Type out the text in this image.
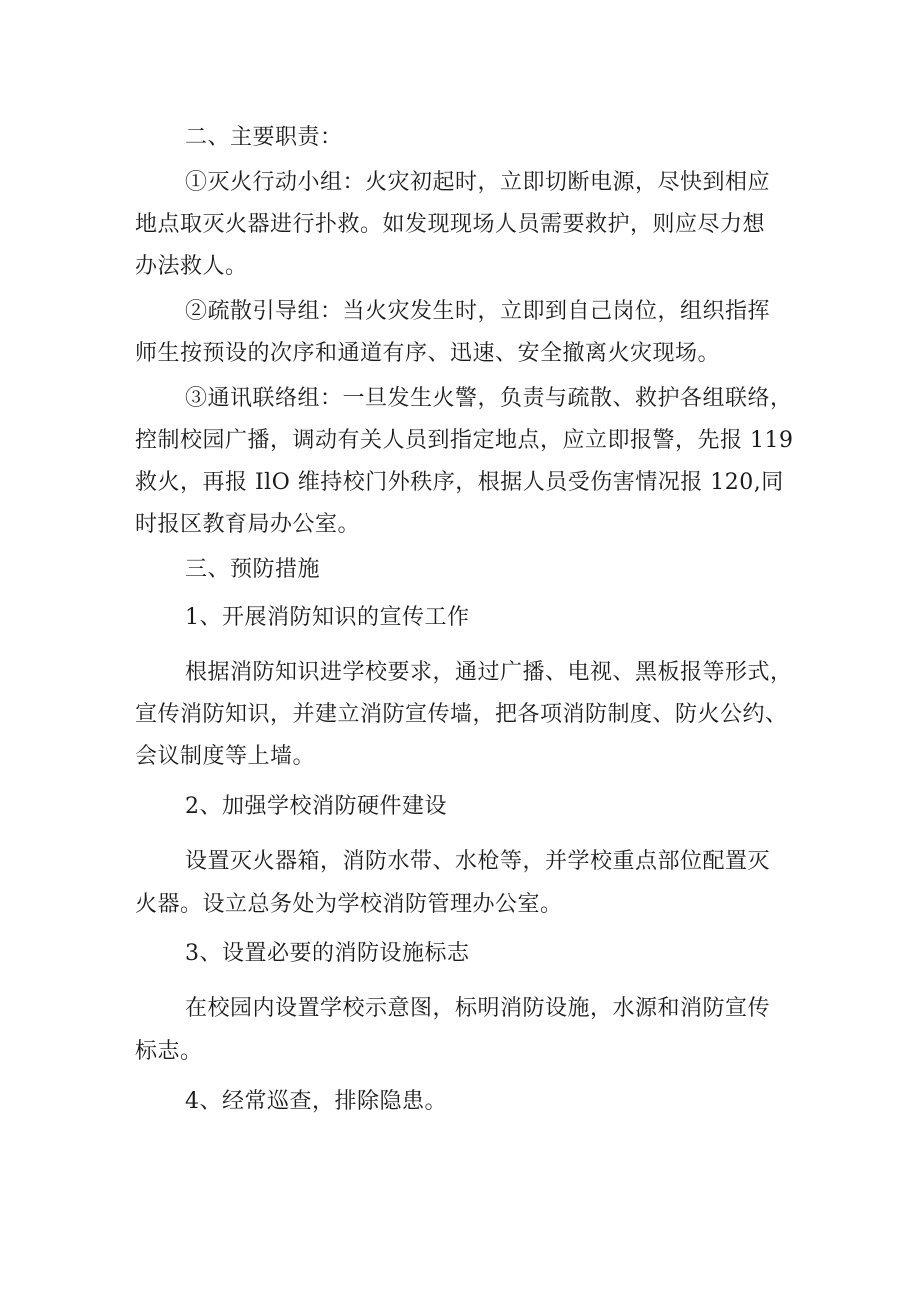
二、主要职责：
①灭火行动小组：火灾初起时，立即切断电源，尽快到相应
地点取灭火器进行扑救。如发现现场人员需要救护，则应尽力想
办法救人。
②疏散引导组：当火灾发生时，立即到自己岗位，组织指挥
师生按预设的次序和通道有序、迅速、安全撤离火灾现场。
③通讯联络组：一旦发生火警，负责与疏散、救护各组联络，
控制校园广播，调动有关人员到指定地点，应立即报警，先报 119
救火，再报 IlO 维持校门外秩序，根据人员受伤害情况报 120,同
时报区教育局办公室。
三、预防措施
1、开展消防知识的宣传工作
根据消防知识进学校要求，通过广播、电视、黑板报等形式，
宣传消防知识，并建立消防宣传墙，把各项消防制度、防火公约、
会议制度等上墙。
2、加强学校消防硬件建设
设置灭火器箱，消防水带、水枪等，并学校重点部位配置灭
火器。设立总务处为学校消防管理办公室。
3、设置必要的消防设施标志
在校园内设置学校示意图，标明消防设施，水源和消防宣传
标志。
4、经常巡查，排除隐患。
